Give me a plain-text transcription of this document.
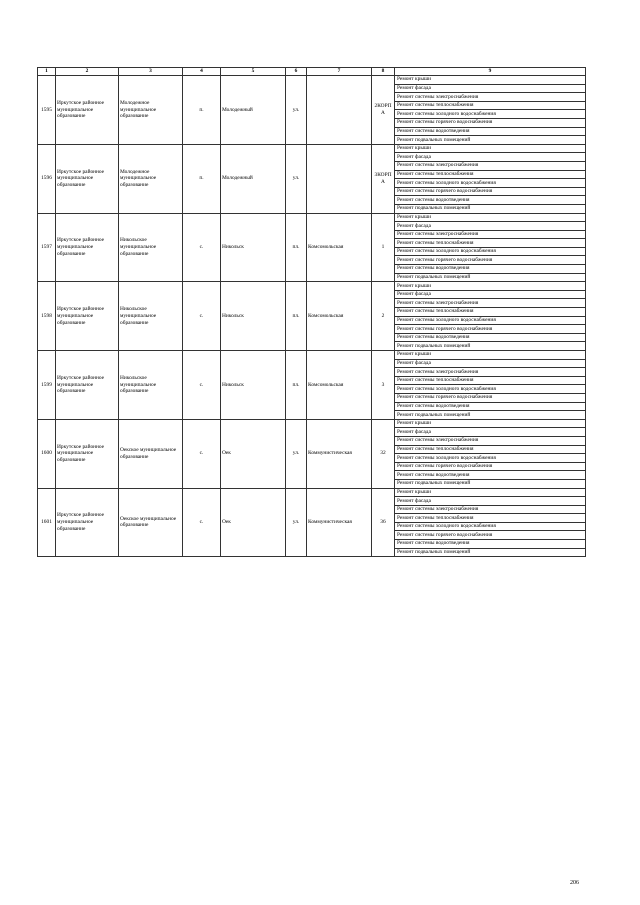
1	2	3	4	5	6	7	8	9
1595	Иркутское районное муниципальное образование	Молодежное муниципальное образование	п.	Молодежный	ул.		2КОРП А	Ремонт крыши
								Ремонт фасада
								Ремонт системы электроснабжения
								Ремонт системы теплоснабжения
								Ремонт системы холодного водоснабжения
								Ремонт системы горячего водоснабжения
								Ремонт системы водоотведения
								Ремонт подвальных помещений
1596	Иркутское районное муниципальное образование	Молодежное муниципальное образование	п.	Молодежный	ул.		3КОРП А	Ремонт крыши
								Ремонт фасада
								Ремонт системы электроснабжения
								Ремонт системы теплоснабжения
								Ремонт системы холодного водоснабжения
								Ремонт системы горячего водоснабжения
								Ремонт системы водоотведения
								Ремонт подвальных помещений
1597	Иркутское районное муниципальное образование	Никольское муниципальное образование	с.	Никольск	пл.	Комсомольская	1	Ремонт крыши
								Ремонт фасада
								Ремонт системы электроснабжения
								Ремонт системы теплоснабжения
								Ремонт системы холодного водоснабжения
								Ремонт системы горячего водоснабжения
								Ремонт системы водоотведения
								Ремонт подвальных помещений
1598	Иркутское районное муниципальное образование	Никольское муниципальное образование	с.	Никольск	пл.	Комсомольская	2	Ремонт крыши
								Ремонт фасада
								Ремонт системы электроснабжения
								Ремонт системы теплоснабжения
								Ремонт системы холодного водоснабжения
								Ремонт системы горячего водоснабжения
								Ремонт системы водоотведения
								Ремонт подвальных помещений
1599	Иркутское районное муниципальное образование	Никольское муниципальное образование	с.	Никольск	пл.	Комсомольская	3	Ремонт крыши
								Ремонт фасада
								Ремонт системы электроснабжения
								Ремонт системы теплоснабжения
								Ремонт системы холодного водоснабжения
								Ремонт системы горячего водоснабжения
								Ремонт системы водоотведения
								Ремонт подвальных помещений
1600	Иркутское районное муниципальное образование	Оекское муниципальное образование	с.	Оек	ул.	Коммунистическая	32	Ремонт крыши
								Ремонт фасада
								Ремонт системы электроснабжения
								Ремонт системы теплоснабжения
								Ремонт системы холодного водоснабжения
								Ремонт системы горячего водоснабжения
								Ремонт системы водоотведения
								Ремонт подвальных помещений
1601	Иркутское районное муниципальное образование	Оекское муниципальное образование	с.	Оек	ул.	Коммунистическая	36	Ремонт крыши
								Ремонт фасада
								Ремонт системы электроснабжения
								Ремонт системы теплоснабжения
								Ремонт системы холодного водоснабжения
								Ремонт системы горячего водоснабжения
								Ремонт системы водоотведения
								Ремонт подвальных помещений
206
